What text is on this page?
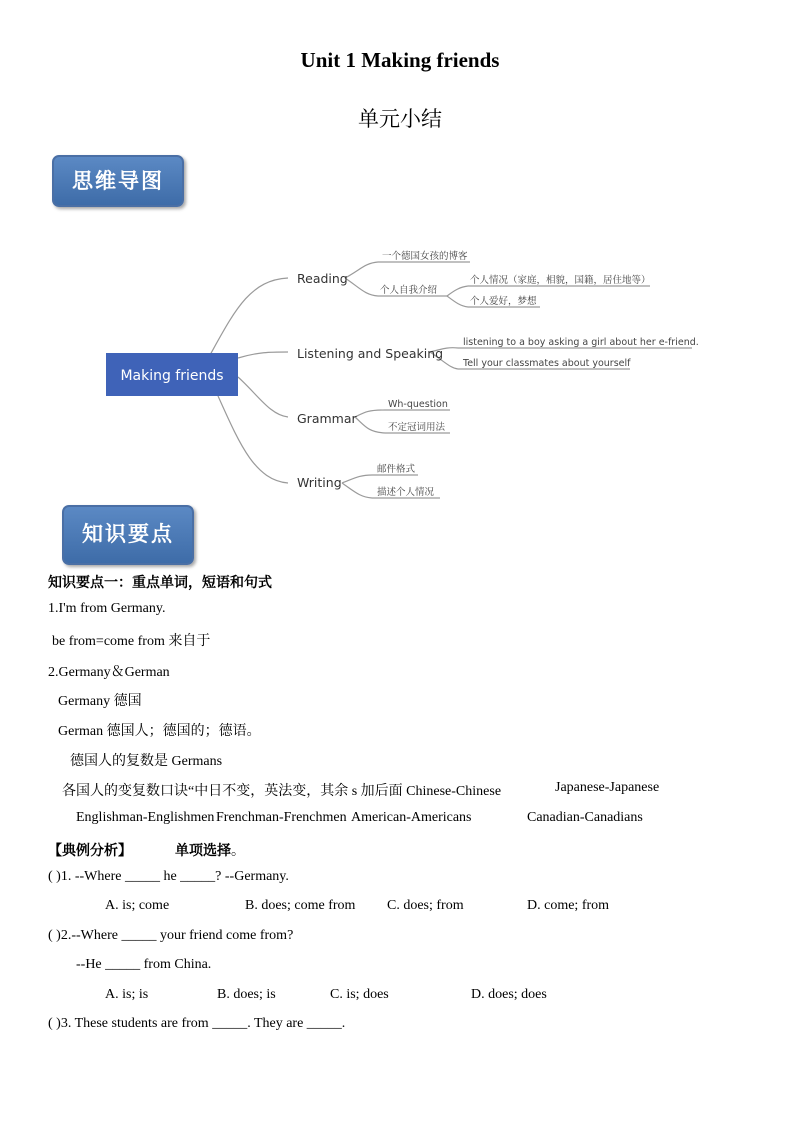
Unit 1 Making friends
单元小结
思维导图
Making friends
Reading
一个德国女孩的博客
个人自我介绍
个人情况（家庭，相貌，国籍，居住地等）
个人爱好，梦想
Listening and Speaking
listening to a boy asking a girl about her e-friend.
Tell your classmates about yourself
Grammar
Wh-question
不定冠词用法
Writing
邮件格式
描述个人情况
知识要点
知识要点一：重点单词，短语和句式
1.I'm from Germany.
be from=come from 来自于
2.Germany＆German
Germany 德国
German 德国人；德国的；德语。
德国人的复数是 Germans
各国人的变复数口诀“中日不变，英法变，其余 s 加后面 Chinese-Chinese	Japanese-Japanese
Englishman-Englishmen Frenchman-Frenchmen American-Americans	Canadian-Canadians
【典例分析】	单项选择 。
( )1. --Where _____ he _____? --Germany.
A. is; come	B. does; come from C. does; from	D. come; from
( )2.--Where _____ your friend come from?
--He _____ from China.
A. is; is	B. does; is	C. is; does	D. does; does
( )3. These students are from _____. They are _____.
